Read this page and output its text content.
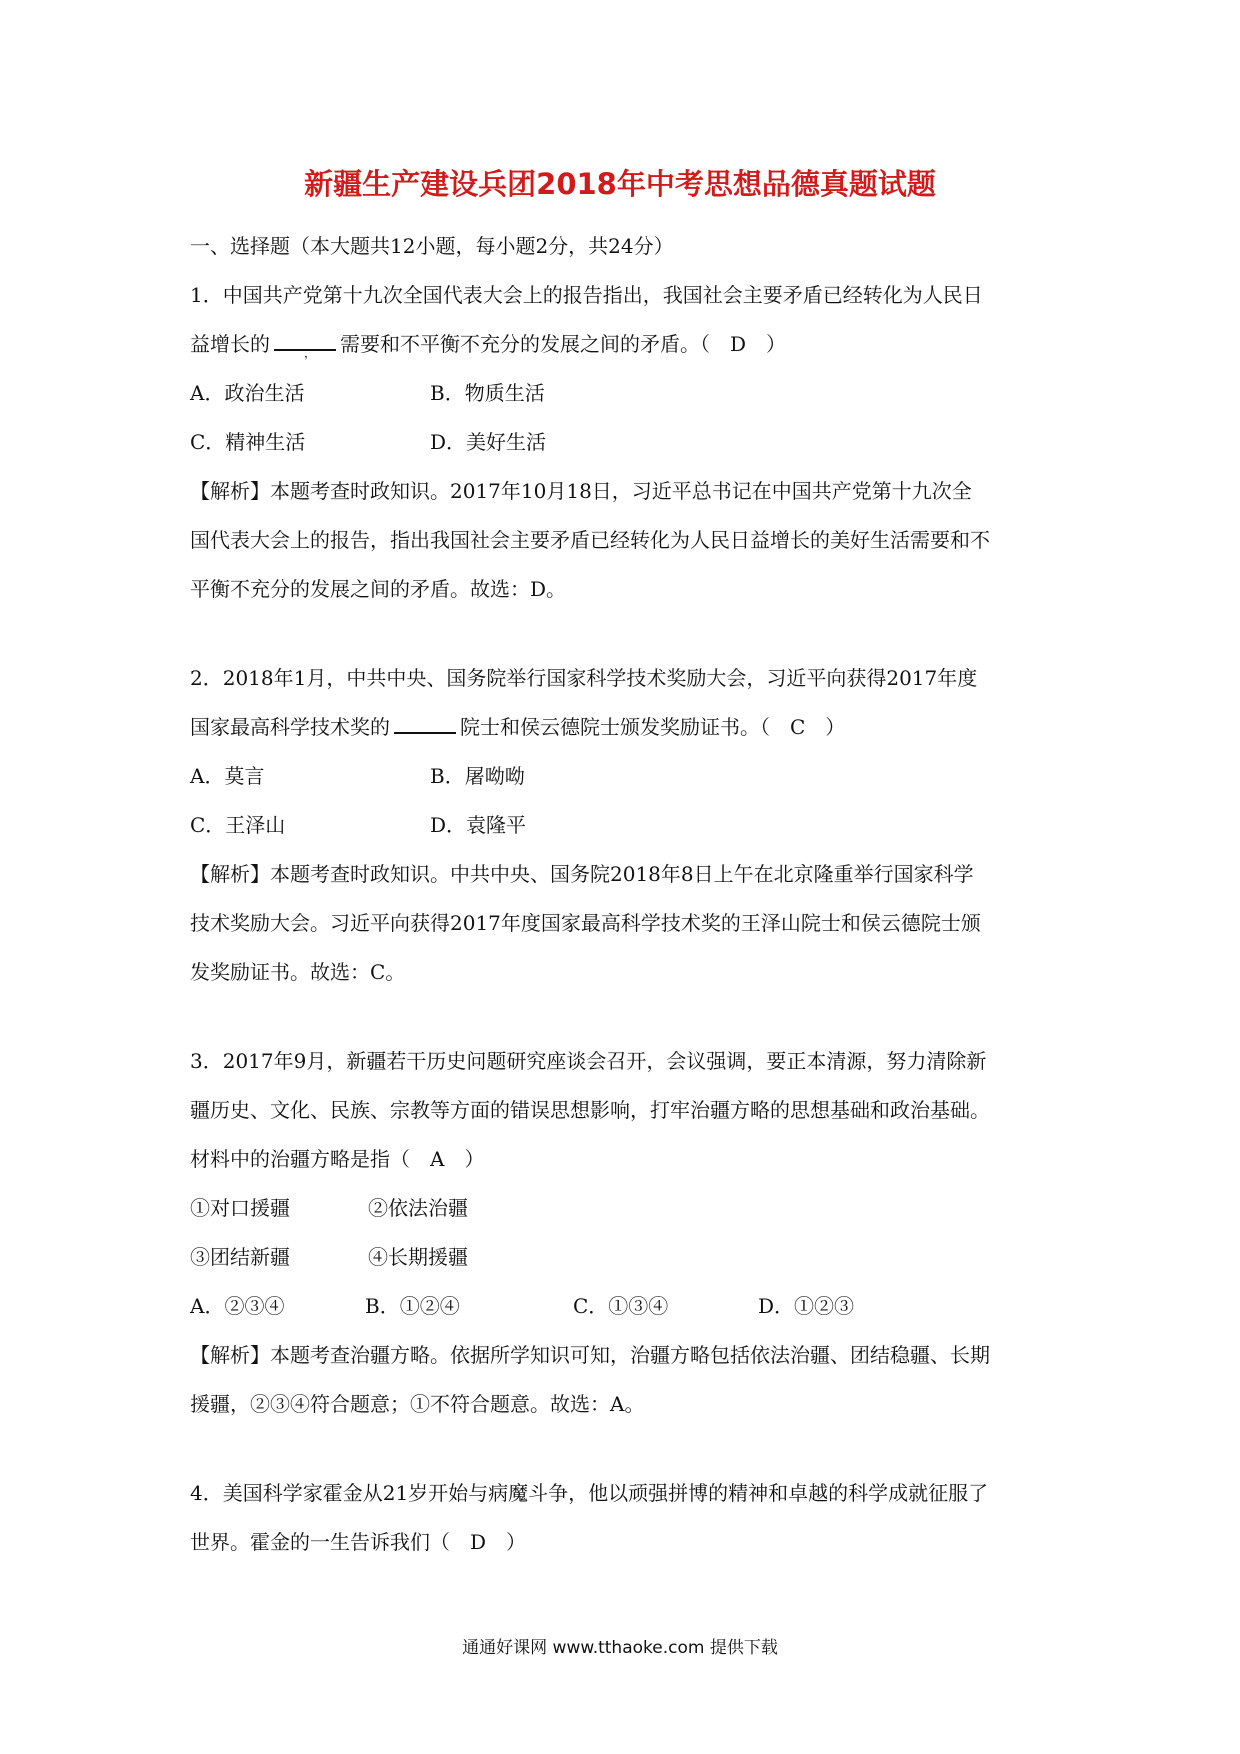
新疆生产建设兵团2018年中考思想品德真题试题
一、选择题（本大题共12小题，每小题2分，共24分）
1．中国共产党第十九次全国代表大会上的报告指出，我国社会主要矛盾已经转化为人民日
益增长的	， 需要和不平衡不充分的发展之间的矛盾。（　D　）
A．政治生活	B．物质生活
C．精神生活	D．美好生活
【解析】本题考查时政知识。2017年10月18日，习近平总书记在中国共产党第十九次全
国代表大会上的报告，指出我国社会主要矛盾已经转化为人民日益增长的美好生活需要和不
平衡不充分的发展之间的矛盾。故选：D。
2．2018年1月，中共中央、国务院举行国家科学技术奖励大会，习近平向获得2017年度
国家最高科学技术奖的	院士和侯云德院士颁发奖励证书。（　C　）
A．莫言	B．屠呦呦
C．王泽山	D．袁隆平
【解析】本题考查时政知识。中共中央、国务院2018年8日上午在北京隆重举行国家科学
技术奖励大会。习近平向获得2017年度国家最高科学技术奖的王泽山院士和侯云德院士颁
发奖励证书。故选：C。
3．2017年9月，新疆若干历史问题研究座谈会召开，会议强调，要正本清源，努力清除新
疆历史、文化、民族、宗教等方面的错误思想影响，打牢治疆方略的思想基础和政治基础。
材料中的治疆方略是指（　A　）
①对口援疆	②依法治疆
③团结新疆	④长期援疆
A．②③④	B．①②④	C．①③④	D．①②③
【解析】本题考查治疆方略。依据所学知识可知，治疆方略包括依法治疆、团结稳疆、长期
援疆，②③④符合题意；①不符合题意。故选：A。
4．美国科学家霍金从21岁开始与病魔斗争，他以顽强拼博的精神和卓越的科学成就征服了
世界。霍金的一生告诉我们（　D　）
通通好课网 www.tthaoke.com 提供下载
